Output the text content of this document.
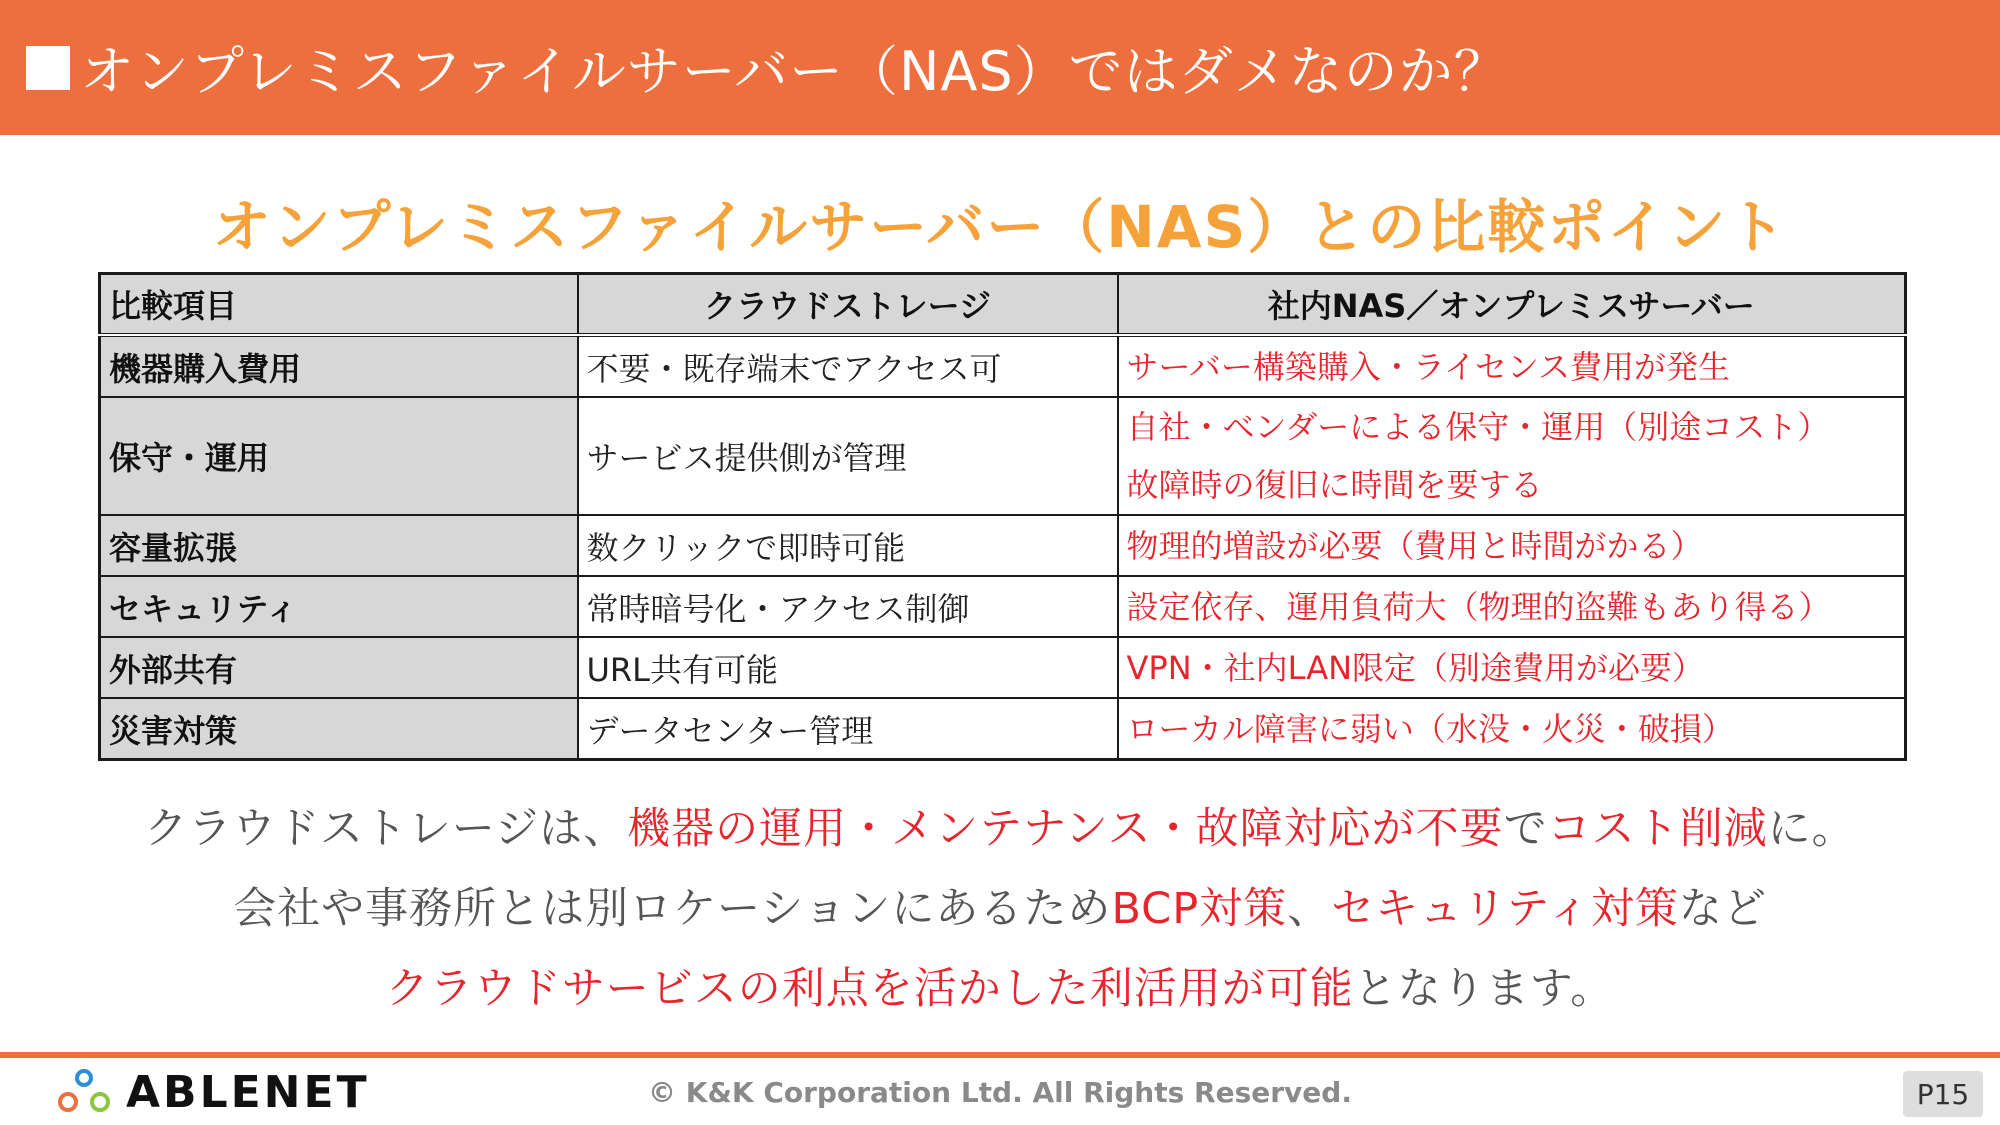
オンプレミスファイルサーバー（NAS）ではダメなのか？
オンプレミスファイルサーバー（NAS）との比較ポイント
比較項目	クラウドストレージ	社内NAS／オンプレミスサーバー
機器購入費用	不要・既存端末でアクセス可	サーバー構築購入・ライセンス費用が発生

保守・運用	サービス提供側が管理	自社・ベンダーによる保守・運用（別途コスト）
故障時の復旧に時間を要する

容量拡張	数クリックで即時可能	物理的増設が必要（費用と時間がかる）

セキュリティ	常時暗号化・アクセス制御	設定依存、運用負荷大（物理的盗難もあり得る）

外部共有	URL共有可能	VPN・社内LAN限定（別途費用が必要）

災害対策	データセンター管理	ローカル障害に弱い（水没・火災・破損）
クラウドストレージは、機器の運用・メンテナンス・故障対応が不要でコスト削減に。
会社や事務所とは別ロケーションにあるためBCP対策、セキュリティ対策など
クラウドサービスの利点を活かした利活用が可能となります。
ABLENET	© K&K Corporation Ltd. All Rights Reserved.	P15
